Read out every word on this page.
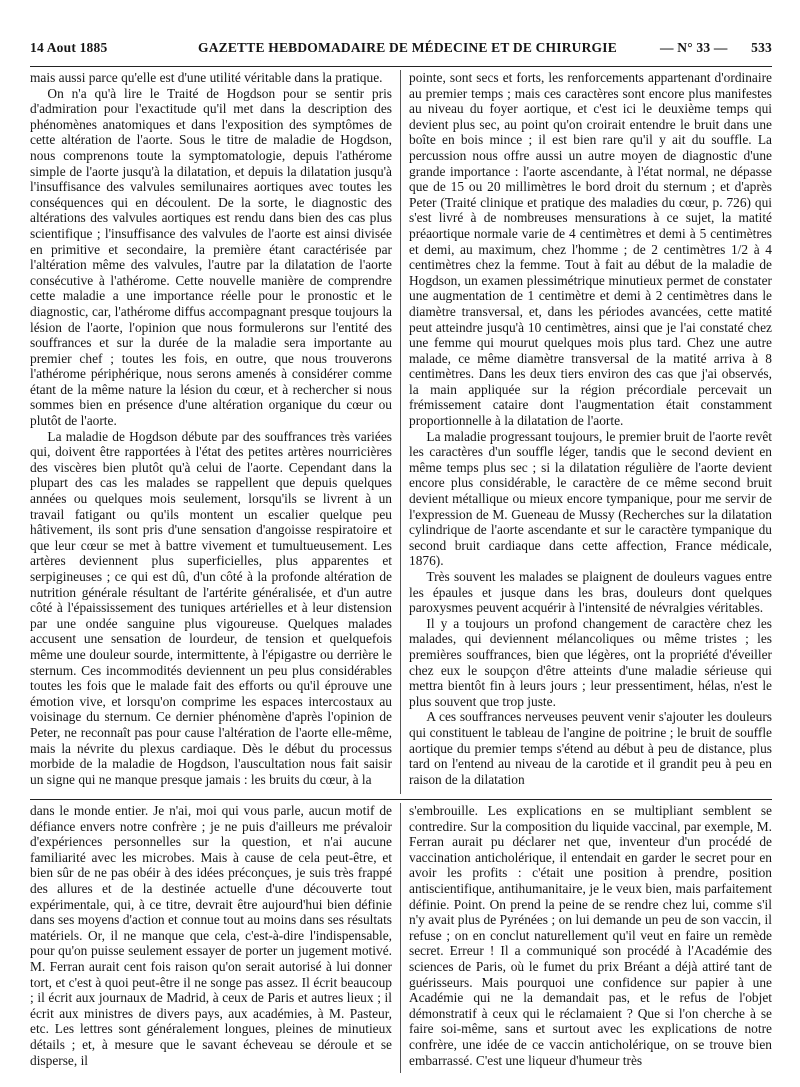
14 Aout 1885	GAZETTE HEBDOMADAIRE DE MÉDECINE ET DE CHIRURGIE	— N° 33 — 533

mais aussi parce qu'elle est d'une utilité véritable dans la pratique.

On n'a qu'à lire le Traité de Hogdson pour se sentir pris d'admiration pour l'exactitude qu'il met dans la description des phénomènes anatomiques et dans l'exposition des symptômes de cette altération de l'aorte. Sous le titre de maladie de Hogdson, nous comprenons toute la symptomatologie, depuis l'athérome simple de l'aorte jusqu'à la dilatation, et depuis la dilatation jusqu'à l'insuffisance des valvules semilunaires aortiques avec toutes les conséquences qui en découlent. De la sorte, le diagnostic des altérations des valvules aortiques est rendu dans bien des cas plus scientifique ; l'insuffisance des valvules de l'aorte est ainsi divisée en primitive et secondaire, la première étant caractérisée par l'altération même des valvules, l'autre par la dilatation de l'aorte consécutive à l'athérome. Cette nouvelle manière de comprendre cette maladie a une importance réelle pour le pronostic et le diagnostic, car, l'athérome diffus accompagnant presque toujours la lésion de l'aorte, l'opinion que nous formulerons sur l'entité des souffrances et sur la durée de la maladie sera importante au premier chef ; toutes les fois, en outre, que nous trouverons l'athérome périphérique, nous serons amenés à considérer comme étant de la même nature la lésion du cœur, et à rechercher si nous sommes bien en présence d'une altération organique du cœur ou plutôt de l'aorte.

La maladie de Hogdson débute par des souffrances très variées qui, doivent être rapportées à l'état des petites artères nourricières des viscères bien plutôt qu'à celui de l'aorte. Cependant dans la plupart des cas les malades se rappellent que depuis quelques années ou quelques mois seulement, lorsqu'ils se livrent à un travail fatigant ou qu'ils montent un escalier quelque peu hâtivement, ils sont pris d'une sensation d'angoisse respiratoire et que leur cœur se met à battre vivement et tumultueusement. Les artères deviennent plus superficielles, plus apparentes et serpigineuses ; ce qui est dû, d'un côté à la profonde altération de nutrition générale résultant de l'artérite généralisée, et d'un autre côté à l'épaississement des tuniques artérielles et à leur distension par une ondée sanguine plus vigoureuse. Quelques malades accusent une sensation de lourdeur, de tension et quelquefois même une douleur sourde, intermittente, à l'épigastre ou derrière le sternum. Ces incommodités deviennent un peu plus considérables toutes les fois que le malade fait des efforts ou qu'il éprouve une émotion vive, et lorsqu'on comprime les espaces intercostaux au voisinage du sternum. Ce dernier phénomène d'après l'opinion de Peter, ne reconnaît pas pour cause l'altération de l'aorte elle-même, mais la névrite du plexus cardiaque. Dès le début du processus morbide de la maladie de Hogdson, l'auscultation nous fait saisir un signe qui ne manque presque jamais : les bruits du cœur, à la

pointe, sont secs et forts, les renforcements appartenant d'ordinaire au premier temps ; mais ces caractères sont encore plus manifestes au niveau du foyer aortique, et c'est ici le deuxième temps qui devient plus sec, au point qu'on croirait entendre le bruit dans une boîte en bois mince ; il est bien rare qu'il y ait du souffle. La percussion nous offre aussi un autre moyen de diagnostic d'une grande importance : l'aorte ascendante, à l'état normal, ne dépasse que de 15 ou 20 millimètres le bord droit du sternum ; et d'après Peter (Traité clinique et pratique des maladies du cœur, p. 726) qui s'est livré à de nombreuses mensurations à ce sujet, la matité préaortique normale varie de 4 centimètres et demi à 5 centimètres et demi, au maximum, chez l'homme ; de 2 centimètres 1/2 à 4 centimètres chez la femme. Tout à fait au début de la maladie de Hogdson, un examen plessimétrique minutieux permet de constater une augmentation de 1 centimètre et demi à 2 centimètres dans le diamètre transversal, et, dans les périodes avancées, cette matité peut atteindre jusqu'à 10 centimètres, ainsi que je l'ai constaté chez une femme qui mourut quelques mois plus tard. Chez une autre malade, ce même diamètre transversal de la matité arriva à 8 centimètres. Dans les deux tiers environ des cas que j'ai observés, la main appliquée sur la région précordiale percevait un frémissement cataire dont l'augmentation était constamment proportionnelle à la dilatation de l'aorte.

La maladie progressant toujours, le premier bruit de l'aorte revêt les caractères d'un souffle léger, tandis que le second devient en même temps plus sec ; si la dilatation régulière de l'aorte devient encore plus considérable, le caractère de ce même second bruit devient métallique ou mieux encore tympanique, pour me servir de l'expression de M. Gueneau de Mussy (Recherches sur la dilatation cylindrique de l'aorte ascendante et sur le caractère tympanique du second bruit cardiaque dans cette affection, France médicale, 1876).

Très souvent les malades se plaignent de douleurs vagues entre les épaules et jusque dans les bras, douleurs dont quelques paroxysmes peuvent acquérir à l'intensité de névralgies véritables.

Il y a toujours un profond changement de caractère chez les malades, qui deviennent mélancoliques ou même tristes ; les premières souffrances, bien que légères, ont la propriété d'éveiller chez eux le soupçon d'être atteints d'une maladie sérieuse qui mettra bientôt fin à leurs jours ; leur pressentiment, hélas, n'est le plus souvent que trop juste.

A ces souffrances nerveuses peuvent venir s'ajouter les douleurs qui constituent le tableau de l'angine de poitrine ; le bruit de souffle aortique du premier temps s'étend au début à peu de distance, plus tard on l'entend au niveau de la carotide et il grandit peu à peu en raison de la dilatation

dans le monde entier. Je n'ai, moi qui vous parle, aucun motif de défiance envers notre confrère ; je ne puis d'ailleurs me prévaloir d'expériences personnelles sur la question, et n'ai aucune familiarité avec les microbes. Mais à cause de cela peut-être, et bien sûr de ne pas obéir à des idées préconçues, je suis très frappé des allures et de la destinée actuelle d'une découverte tout expérimentale, qui, à ce titre, devrait être aujourd'hui bien définie dans ses moyens d'action et connue tout au moins dans ses résultats matériels. Or, il ne manque que cela, c'est-à-dire l'indispensable, pour qu'on puisse seulement essayer de porter un jugement motivé. M. Ferran aurait cent fois raison qu'on serait autorisé à lui donner tort, et c'est à quoi peut-être il ne songe pas assez. Il écrit beaucoup ; il écrit aux journaux de Madrid, à ceux de Paris et autres lieux ; il écrit aux ministres de divers pays, aux académies, à M. Pasteur, etc. Les lettres sont généralement longues, pleines de minutieux détails ; et, à mesure que le savant écheveau se déroule et se disperse, il

s'embrouille. Les explications en se multipliant semblent se contredire. Sur la composition du liquide vaccinal, par exemple, M. Ferran aurait pu déclarer net que, inventeur d'un procédé de vaccination anticholérique, il entendait en garder le secret pour en avoir les profits : c'était une position à prendre, position antiscientifique, antihumanitaire, je le veux bien, mais parfaitement définie. Point. On prend la peine de se rendre chez lui, comme s'il n'y avait plus de Pyrénées ; on lui demande un peu de son vaccin, il refuse ; on en conclut naturellement qu'il veut en faire un remède secret. Erreur ! Il a communiqué son procédé à l'Académie des sciences de Paris, où le fumet du prix Bréant a déjà attiré tant de guérisseurs. Mais pourquoi une confidence sur papier à une Académie qui ne la demandait pas, et le refus de l'objet démonstratif à ceux qui le réclamaient ? Que si l'on cherche à se faire soi-même, sans et surtout avec les explications de notre confrère, une idée de ce vaccin anticholérique, on se trouve bien embarrassé. C'est une liqueur d'humeur très
